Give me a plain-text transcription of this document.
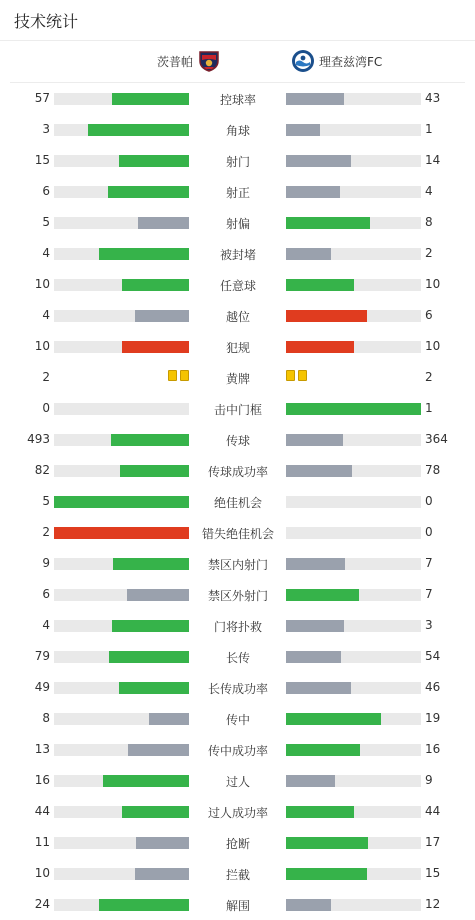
技术统计
茨普帕	理查兹湾FC
57	控球率	43
3	角球	1
15	射门	14
6	射正	4
5	射偏	8
4	被封堵	2
10	任意球	10
4	越位	6
10	犯规	10
2	黄牌	2
0	击中门框	1
493	传球	364
82	传球成功率	78
5	绝佳机会	0
2	错失绝佳机会	0
9	禁区内射门	7
6	禁区外射门	7
4	门将扑救	3
79	长传	54
49	长传成功率	46
8	传中	19
13	传中成功率	16
16	过人	9
44	过人成功率	44
11	抢断	17
10	拦截	15
24	解围	12
